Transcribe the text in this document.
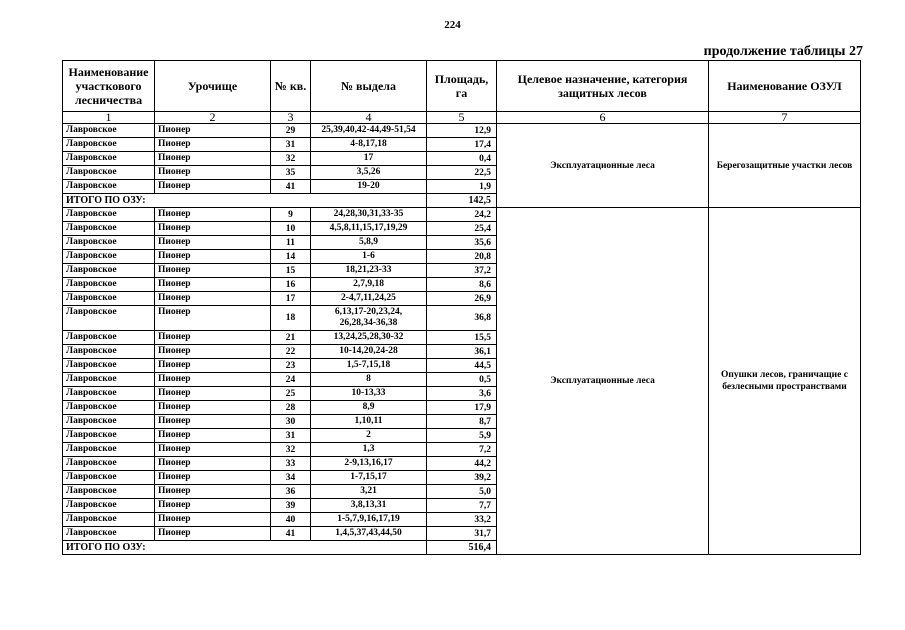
224
продолжение таблицы 27
Наименование участкового лесничества	Урочище	№ кв.	№ выдела	Площадь, га	Целевое назначение, категория защитных лесов	Наименование ОЗУЛ
1	2	3	4	5	6	7
Лавровское	Пионер	29	25,39,40,42-44,49-51,54	12,9	Эксплуатационные леса	Берегозащитные участки лесов
Лавровское	Пионер	31	4-8,17,18	17,4		
Лавровское	Пионер	32	17	0,4		
Лавровское	Пионер	35	3,5,26	22,5		
Лавровское	Пионер	41	19-20	1,9		
ИТОГО ПО ОЗУ:				142,5		
Лавровское	Пионер	9	24,28,30,31,33-35	24,2	Эксплуатационные леса	Опушки лесов, граничащие с безлесными пространствами
Лавровское	Пионер	10	4,5,8,11,15,17,19,29	25,4		
Лавровское	Пионер	11	5,8,9	35,6		
Лавровское	Пионер	14	1-6	20,8		
Лавровское	Пионер	15	18,21,23-33	37,2		
Лавровское	Пионер	16	2,7,9,18	8,6		
Лавровское	Пионер	17	2-4,7,11,24,25	26,9		
Лавровское	Пионер	18	6,13,17-20,23,24,
26,28,34-36,38	36,8		
Лавровское	Пионер	21	13,24,25,28,30-32	15,5		
Лавровское	Пионер	22	10-14,20,24-28	36,1		
Лавровское	Пионер	23	1,5-7,15,18	44,5		
Лавровское	Пионер	24	8	0,5		
Лавровское	Пионер	25	10-13,33	3,6		
Лавровское	Пионер	28	8,9	17,9		
Лавровское	Пионер	30	1,10,11	8,7		
Лавровское	Пионер	31	2	5,9		
Лавровское	Пионер	32	1,3	7,2		
Лавровское	Пионер	33	2-9,13,16,17	44,2		
Лавровское	Пионер	34	1-7,15,17	39,2		
Лавровское	Пионер	36	3,21	5,0		
Лавровское	Пионер	39	3,8,13,31	7,7		
Лавровское	Пионер	40	1-5,7,9,16,17,19	33,2		
Лавровское	Пионер	41	1,4,5,37,43,44,50	31,7		
ИТОГО ПО ОЗУ:				516,4		
